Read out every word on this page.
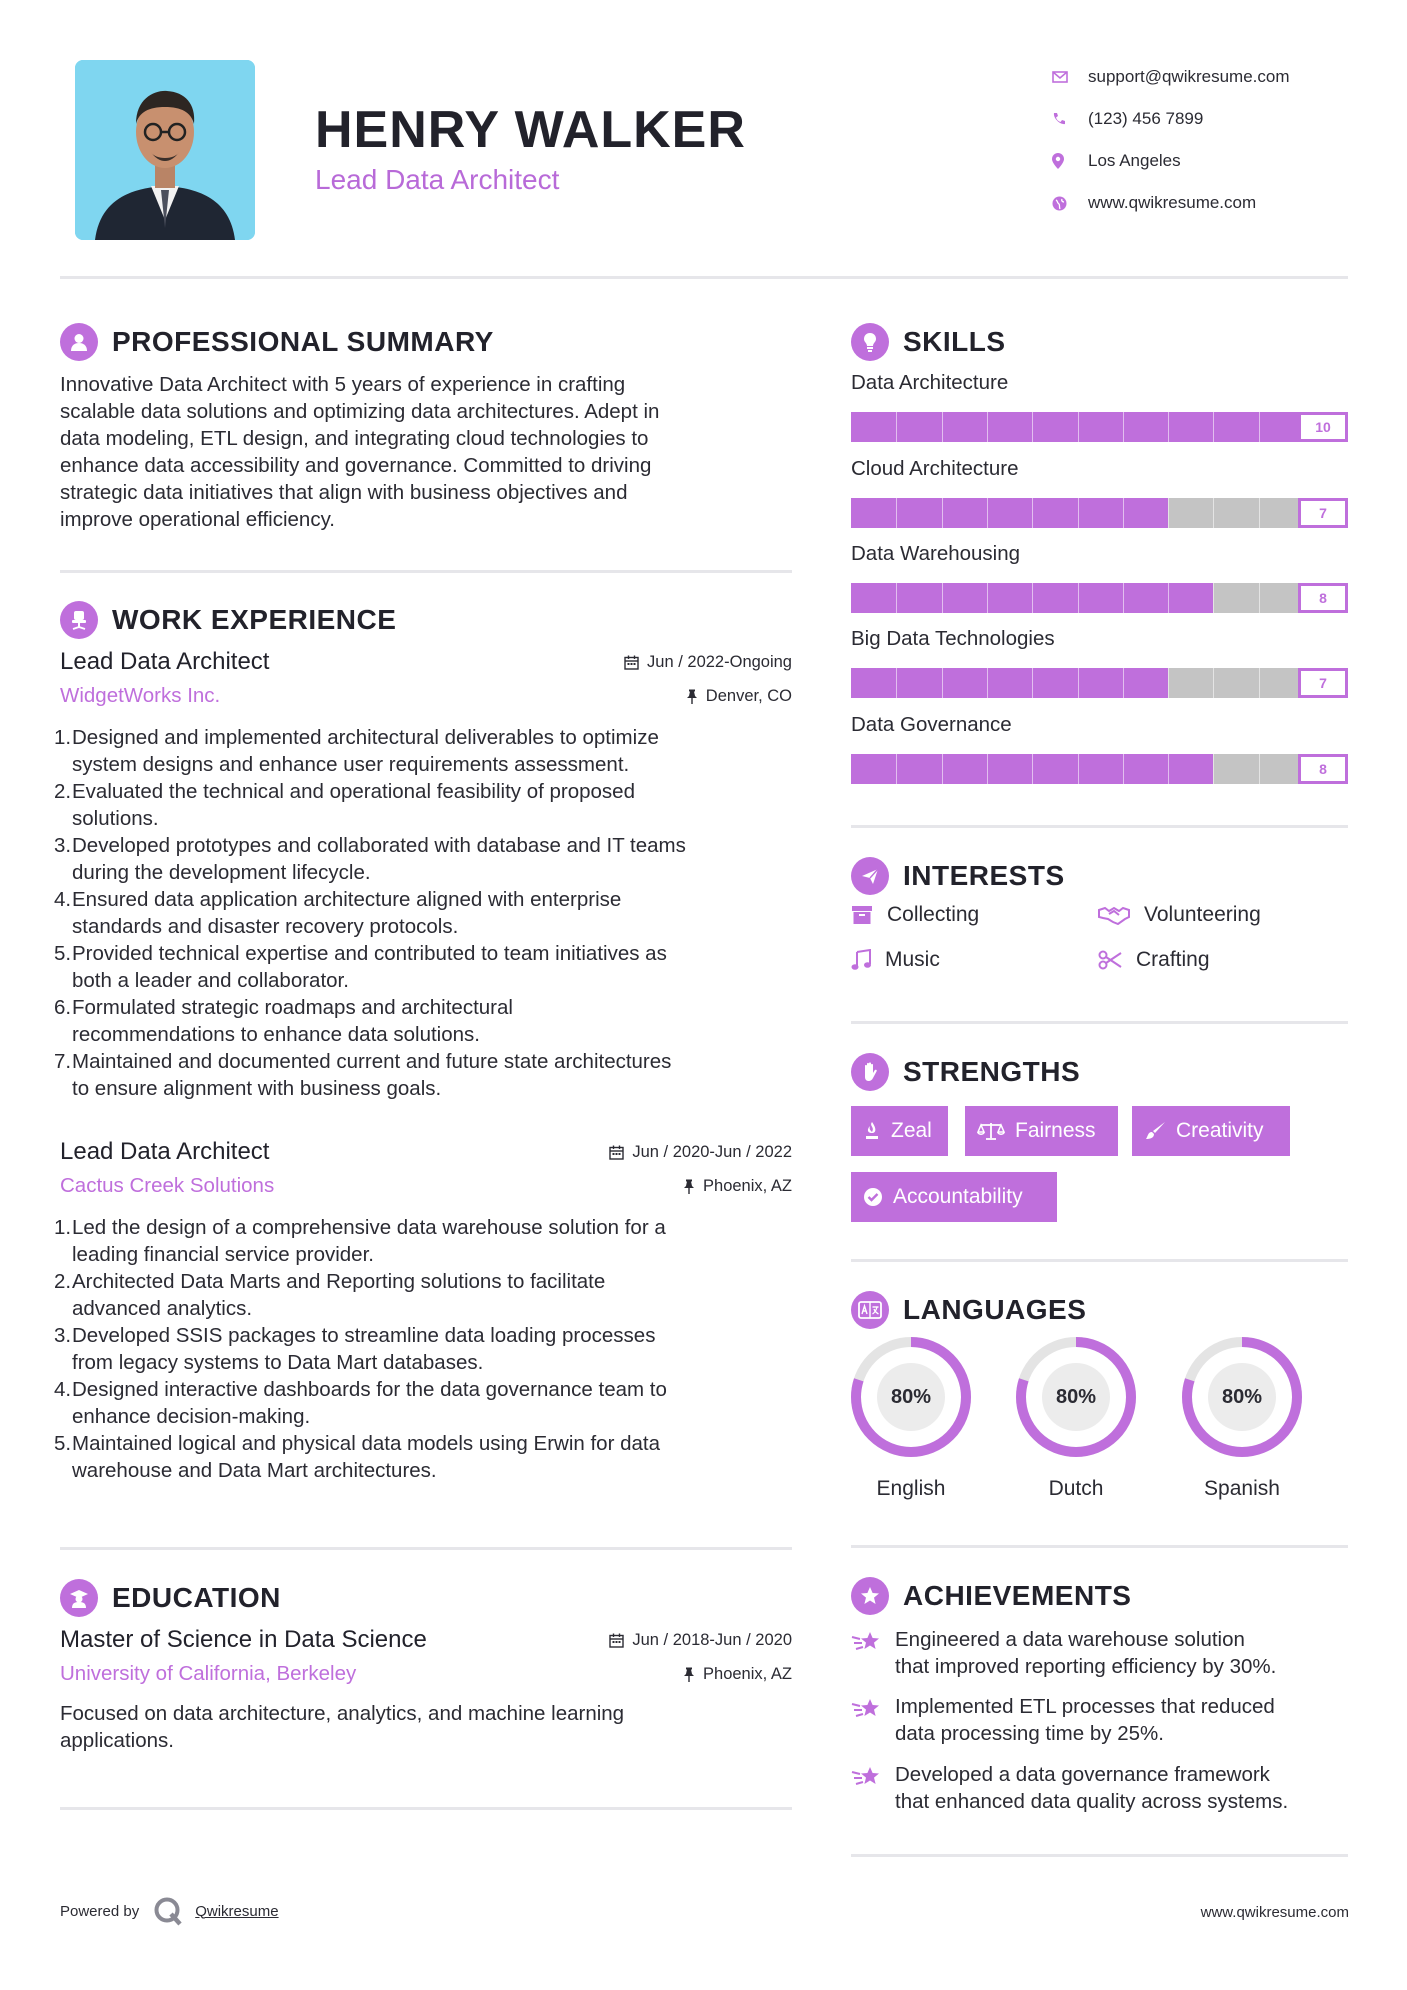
HENRY WALKER
Lead Data Architect
support@qwikresume.com
(123) 456 7899
Los Angeles
www.qwikresume.com
PROFESSIONAL SUMMARY
Innovative Data Architect with 5 years of experience in crafting
scalable data solutions and optimizing data architectures. Adept in
data modeling, ETL design, and integrating cloud technologies to
enhance data accessibility and governance. Committed to driving
strategic data initiatives that align with business objectives and
improve operational efficiency.
WORK EXPERIENCE
Lead Data Architect	Jun / 2022-Ongoing
WidgetWorks Inc.	Denver, CO
1. Designed and implemented architectural deliverables to optimize
system designs and enhance user requirements assessment.
2. Evaluated the technical and operational feasibility of proposed
solutions.
3. Developed prototypes and collaborated with database and IT teams
during the development lifecycle.
4. Ensured data application architecture aligned with enterprise
standards and disaster recovery protocols.
5. Provided technical expertise and contributed to team initiatives as
both a leader and collaborator.
6. Formulated strategic roadmaps and architectural
recommendations to enhance data solutions.
7. Maintained and documented current and future state architectures
to ensure alignment with business goals.
Lead Data Architect	Jun / 2020-Jun / 2022
Cactus Creek Solutions	Phoenix, AZ
1. Led the design of a comprehensive data warehouse solution for a
leading financial service provider.
2. Architected Data Marts and Reporting solutions to facilitate
advanced analytics.
3. Developed SSIS packages to streamline data loading processes
from legacy systems to Data Mart databases.
4. Designed interactive dashboards for the data governance team to
enhance decision-making.
5. Maintained logical and physical data models using Erwin for data
warehouse and Data Mart architectures.
EDUCATION
Master of Science in Data Science	Jun / 2018-Jun / 2020
University of California, Berkeley	Phoenix, AZ
Focused on data architecture, analytics, and machine learning
applications.
SKILLS
Data Architecture
10
Cloud Architecture
7
Data Warehousing
8
Big Data Technologies
7
Data Governance
8
INTERESTS
Collecting	Volunteering
Music	Crafting
STRENGTHS
Zeal	Fairness	Creativity
Accountability
LANGUAGES
80%
English
80%
Dutch
80%
Spanish
ACHIEVEMENTS
Engineered a data warehouse solution
that improved reporting efficiency by 30%.
Implemented ETL processes that reduced
data processing time by 25%.
Developed a data governance framework
that enhanced data quality across systems.
Powered by	Qwikresume	www.qwikresume.com
